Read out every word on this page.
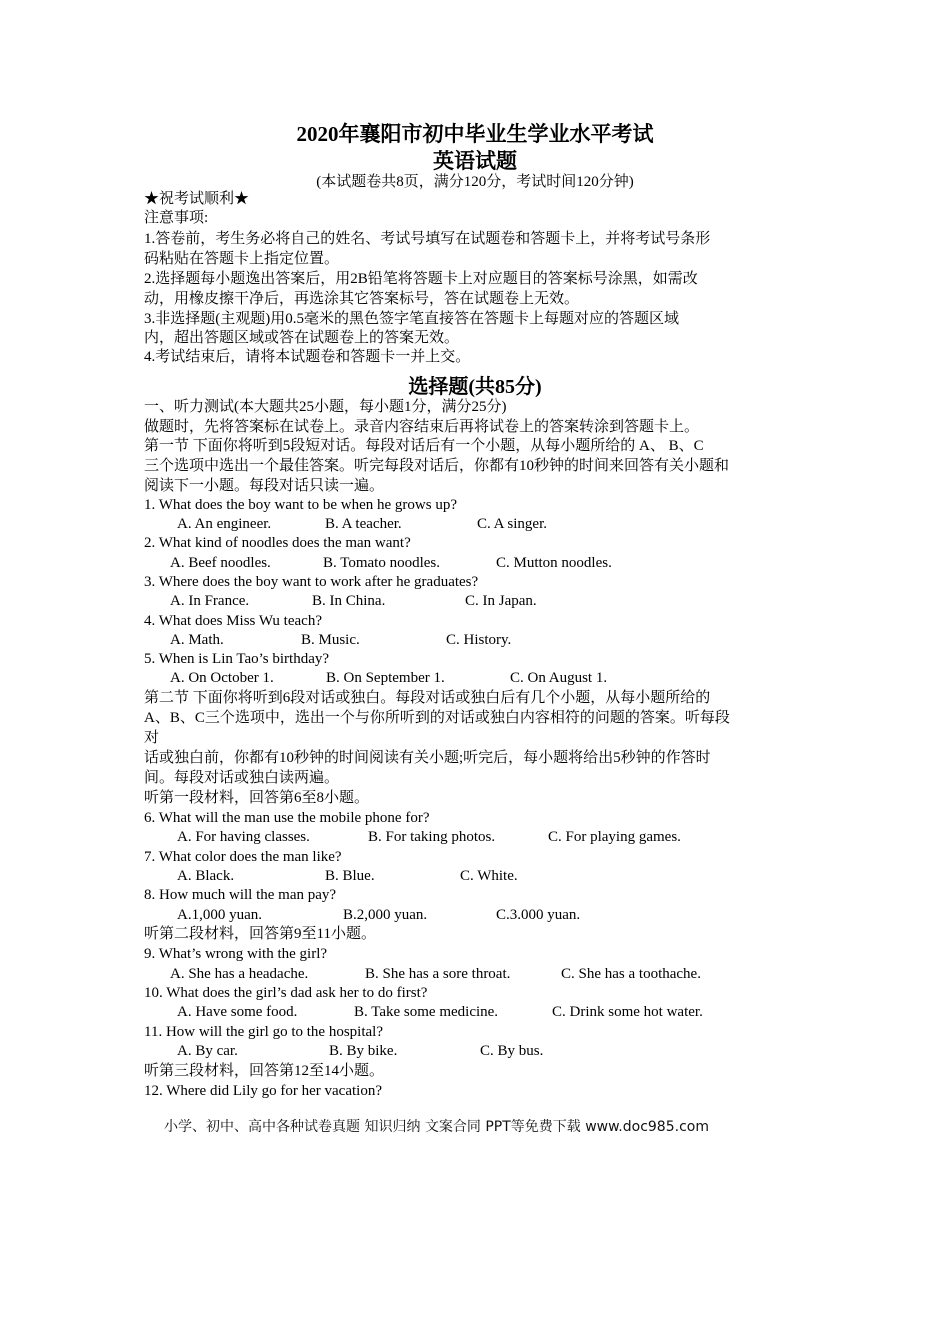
2020年襄阳市初中毕业生学业水平考试
英语试题
(本试题卷共8页，满分120分，考试时间120分钟)
★祝考试顺利★
注意事项:
1.答卷前，考生务必将自己的姓名、考试号填写在试题卷和答题卡上，并将考试号条形
码粘贴在答题卡上指定位置。
2.选择题每小题逸出答案后，用2B铅笔将答题卡上对应题目的答案标号涂黑，如需改
动，用橡皮擦干净后，再选涂其它答案标号，答在试题卷上无效。
3.非选择题(主观题)用0.5毫米的黑色签字笔直接答在答题卡上每题对应的答题区域
内，超出答题区域或答在试题卷上的答案无效。
4.考试结束后，请将本试题卷和答题卡一并上交。
选择题(共85分)
一、听力测试(本大题共25小题，每小题1分，满分25分)
做题时，先将答案标在试卷上。录音内容结束后再将试卷上的答案转涂到答题卡上。
第一节 下面你将听到5段短对话。每段对话后有一个小题，从每小题所给的 A、 B、C
三个选项中选出一个最佳答案。听完每段对话后，你都有10秒钟的时间来回答有关小题和
阅读下一小题。每段对话只读一遍。
1. What does the boy want to be when he grows up?
A. An engineer.	B. A teacher.	C. A singer.
2. What kind of noodles does the man want?
A. Beef noodles.	B. Tomato noodles.	C. Mutton noodles.
3. Where does the boy want to work after he graduates?
A. In France.	B. In China.	C. In Japan.
4. What does Miss Wu teach?
A. Math.	B. Music.	C. History.
5. When is Lin Tao’s birthday?
A. On October 1.	B. On September 1.	C. On August 1.
第二节 下面你将听到6段对话或独白。每段对话或独白后有几个小题，从每小题所给的
A、B、C三个选项中，选出一个与你所听到的对话或独白内容相符的问题的答案。听每段
对
话或独白前，你都有10秒钟的时间阅读有关小题;听完后，每小题将给出5秒钟的作答时
间。每段对话或独白读两遍。
听第一段材料，回答第6至8小题。
6. What will the man use the mobile phone for?
A. For having classes.	B. For taking photos.	C. For playing games.
7. What color does the man like?
A. Black.	B. Blue.	C. White.
8. How much will the man pay?
A.1,000 yuan.	B.2,000 yuan.	C.3.000 yuan.
听第二段材料，回答第9至11小题。
9. What’s wrong with the girl?
A. She has a headache.	B. She has a sore throat.	C. She has a toothache.
10. What does the girl’s dad ask her to do first?
A. Have some food.	B. Take some medicine.	C. Drink some hot water.
11. How will the girl go to the hospital?
A. By car.	B. By bike.	C. By bus.
听第三段材料，回答第12至14小题。
12. Where did Lily go for her vacation?
小学、初中、高中各种试卷真题 知识归纳 文案合同 PPT等免费下载 www.doc985.com
